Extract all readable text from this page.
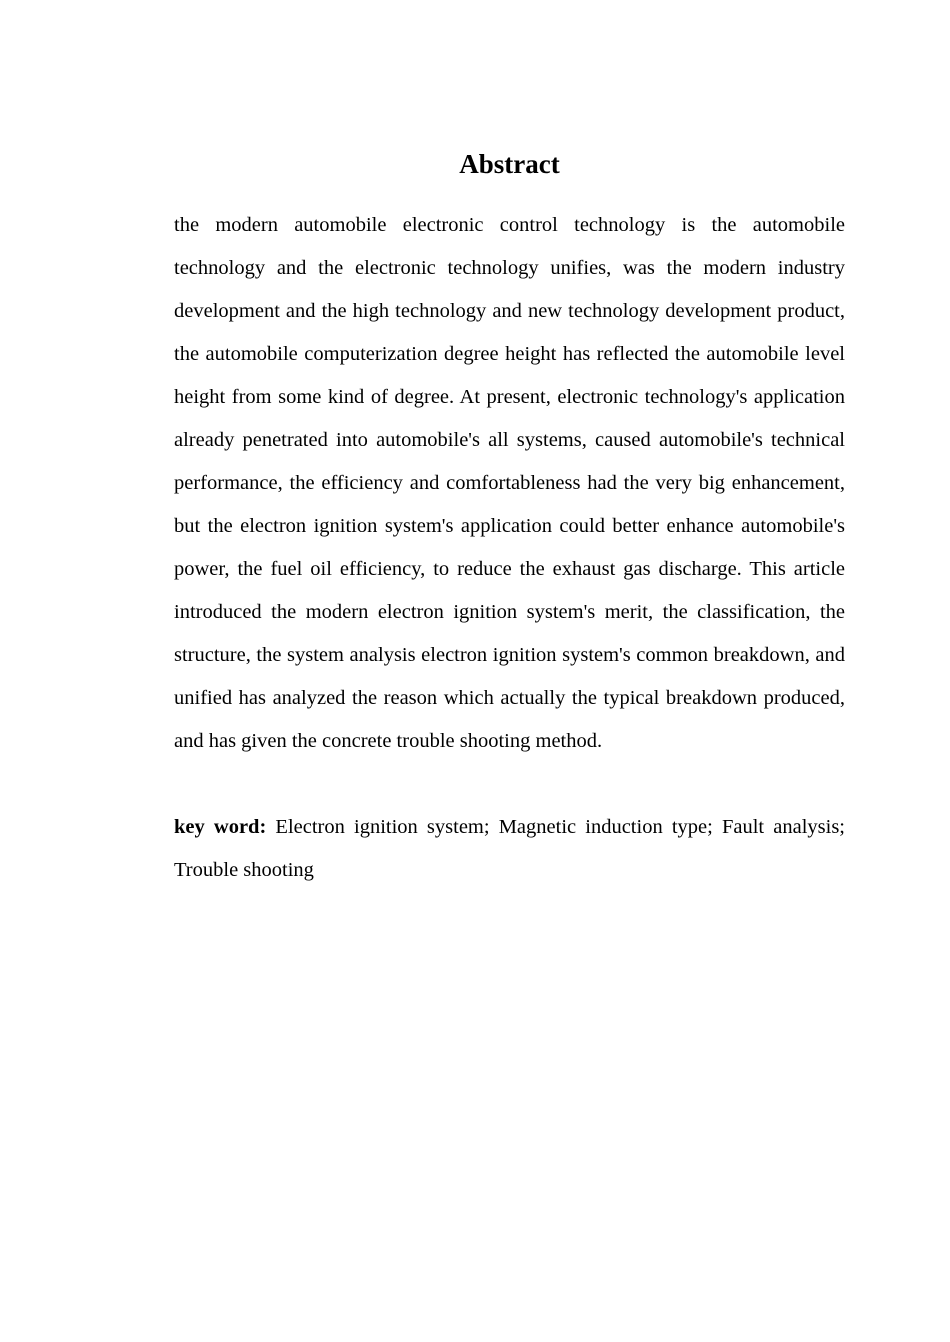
Abstract

the modern automobile electronic control technology is the automobile technology and the electronic technology unifies, was the modern industry development and the high technology and new technology development product, the automobile computerization degree height has reflected the automobile level height from some kind of degree. At present, electronic technology's application already penetrated into automobile's all systems, caused automobile's technical performance, the efficiency and comfortableness had the very big enhancement, but the electron ignition system's application could better enhance automobile's power, the fuel oil efficiency, to reduce the exhaust gas discharge. This article introduced the modern electron ignition system's merit, the classification, the structure, the system analysis electron ignition system's common breakdown, and unified has analyzed the reason which actually the typical breakdown produced, and has given the concrete trouble shooting method.

key word: Electron ignition system; Magnetic induction type; Fault analysis; Trouble shooting
